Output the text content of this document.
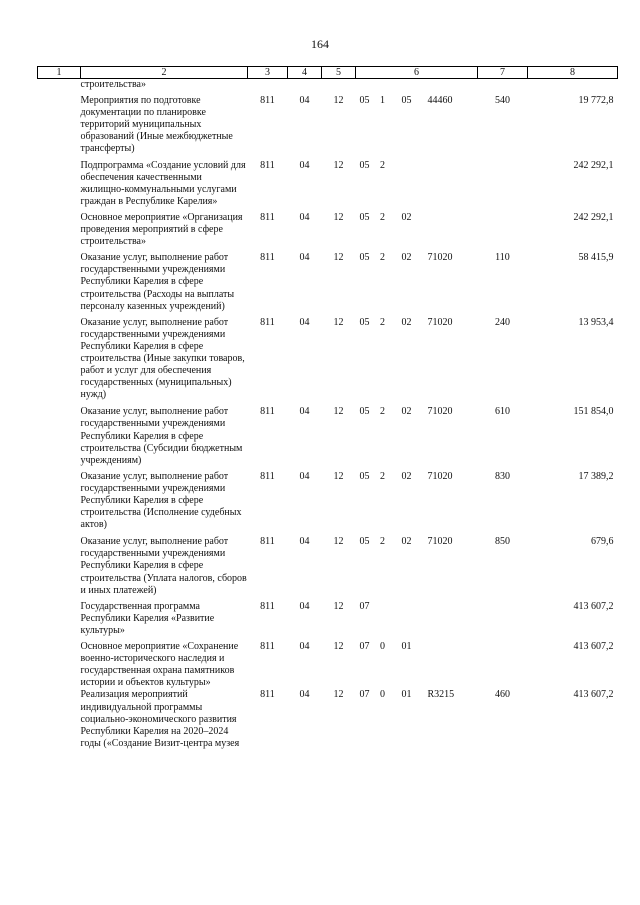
164
1	2	3	4	5	6	7	8
	строительства»				

	Мероприятия по подготовке документации по планировке территорий муниципальных образований (Иные межбюджетные трансферты)	811	04	12	05 1 05 44460	540	19 772,8
	Подпрограмма «Создание условий для обеспечения качественными жилищно-коммунальными услугами граждан в Республике Карелия»	811	04	12	05 2		242 292,1
	Основное мероприятие «Организация проведения мероприятий в сфере строительства»	811	04	12	05 2 02		242 292,1
	Оказание услуг, выполнение работ государственными учреждениями Республики Карелия в сфере строительства (Расходы на выплаты персоналу казенных учреждений)	811	04	12	05 2 02 71020	110	58 415,9
	Оказание услуг, выполнение работ государственными учреждениями Республики Карелия в сфере строительства (Иные закупки товаров, работ и услуг для обеспечения государственных (муниципальных) нужд)	811	04	12	05 2 02 71020	240	13 953,4
	Оказание услуг, выполнение работ государственными учреждениями Республики Карелия в сфере строительства (Субсидии бюджетным учреждениям)	811	04	12	05 2 02 71020	610	151 854,0
	Оказание услуг, выполнение работ государственными учреждениями Республики Карелия в сфере строительства (Исполнение судебных актов)	811	04	12	05 2 02 71020	830	17 389,2
	Оказание услуг, выполнение работ государственными учреждениями Республики Карелия в сфере строительства (Уплата налогов, сборов и иных платежей)	811	04	12	05 2 02 71020	850	679,6
	Государственная программа Республики Карелия «Развитие культуры»	811	04	12	07		413 607,2
	Основное мероприятие «Сохранение военно-исторического наследия и государственная охрана памятников истории и объектов культуры»	811	04	12	07 0 01		413 607,2
	Реализация мероприятий индивидуальной программы социально-экономического развития Республики Карелия на 2020–2024 годы («Создание Визит-центра музея	811	04	12	07 0 01 R3215	460	413 607,2
